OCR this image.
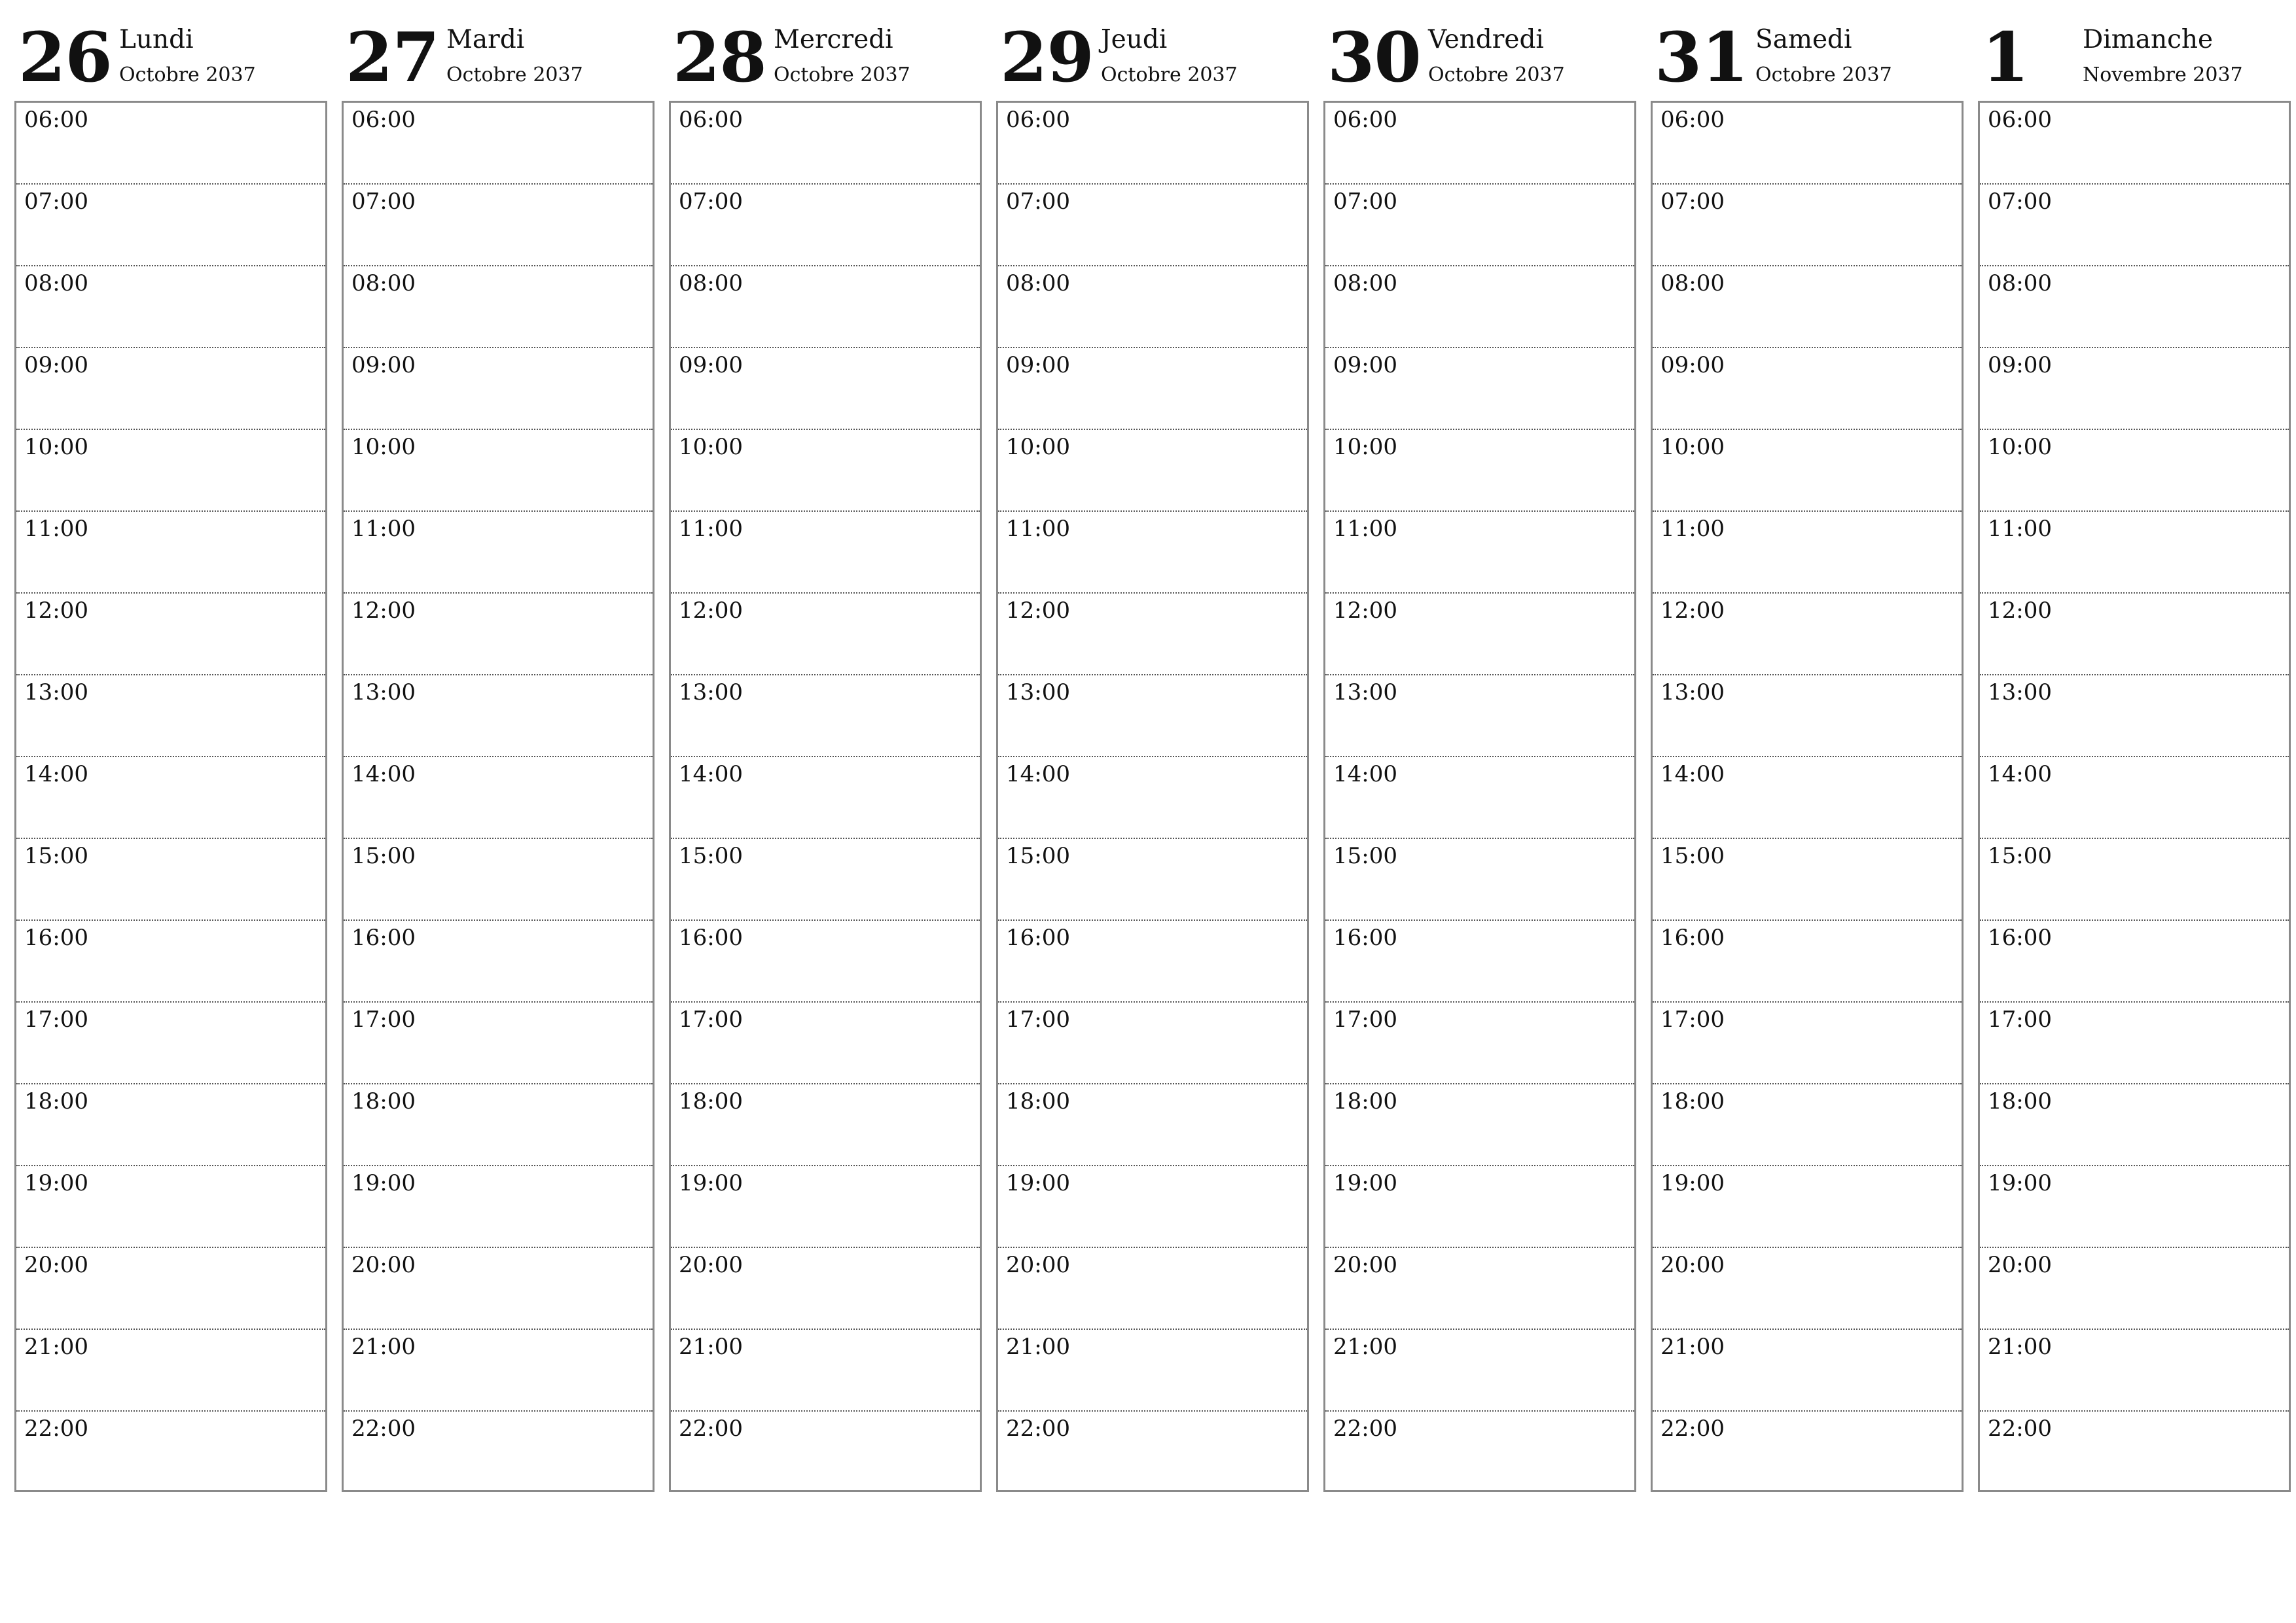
26 Lundi
Octobre 2037
06:00
07:00
08:00
09:00
10:00
11:00
12:00
13:00
14:00
15:00
16:00
17:00
18:00
19:00
20:00
21:00
22:00
27 Mardi
Octobre 2037
06:00
07:00
08:00
09:00
10:00
11:00
12:00
13:00
14:00
15:00
16:00
17:00
18:00
19:00
20:00
21:00
22:00
28 Mercredi
Octobre 2037
06:00
07:00
08:00
09:00
10:00
11:00
12:00
13:00
14:00
15:00
16:00
17:00
18:00
19:00
20:00
21:00
22:00
29 Jeudi
Octobre 2037
06:00
07:00
08:00
09:00
10:00
11:00
12:00
13:00
14:00
15:00
16:00
17:00
18:00
19:00
20:00
21:00
22:00
30 Vendredi
Octobre 2037
06:00
07:00
08:00
09:00
10:00
11:00
12:00
13:00
14:00
15:00
16:00
17:00
18:00
19:00
20:00
21:00
22:00
31 Samedi
Octobre 2037
06:00
07:00
08:00
09:00
10:00
11:00
12:00
13:00
14:00
15:00
16:00
17:00
18:00
19:00
20:00
21:00
22:00
1	Dimanche
Novembre 2037
06:00
07:00
08:00
09:00
10:00
11:00
12:00
13:00
14:00
15:00
16:00
17:00
18:00
19:00
20:00
21:00
22:00
